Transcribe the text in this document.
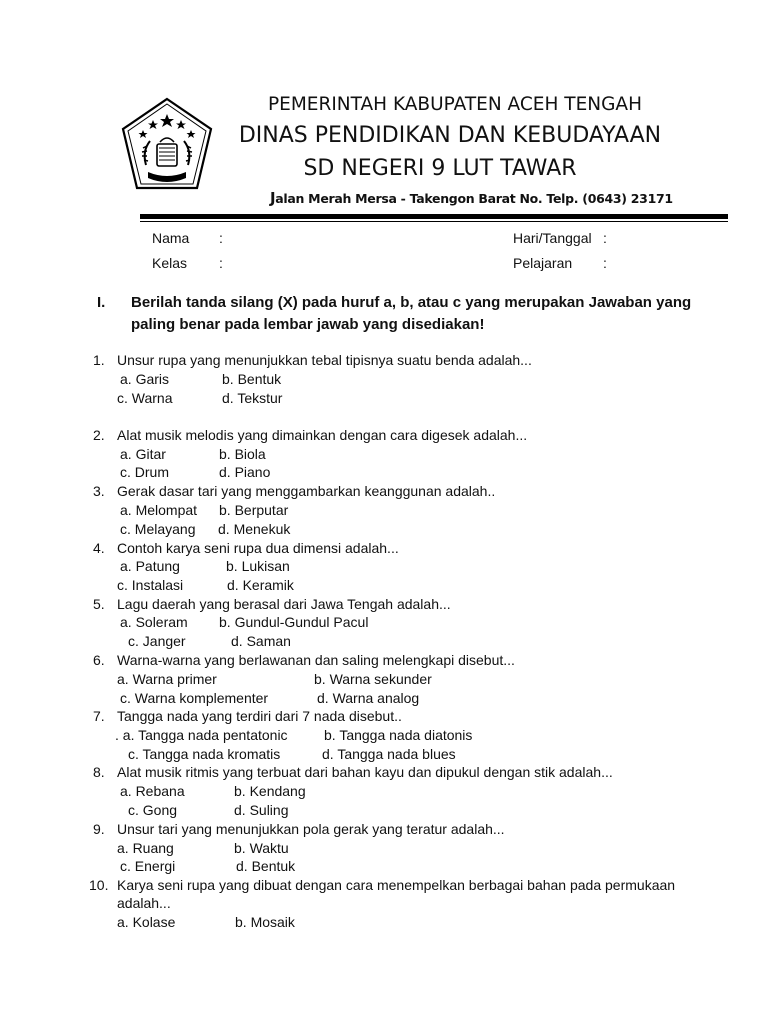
PEMERINTAH KABUPATEN ACEH TENGAH
DINAS PENDIDIKAN DAN KEBUDAYAAN
SD NEGERI 9 LUT TAWAR
Jalan Merah Mersa - Takengon Barat No. Telp. (0643) 23171
Nama :
Kelas :
Hari/Tanggal :
Pelajaran :
I. Berilah tanda silang (X) pada huruf a, b, atau c yang merupakan Jawaban yang paling benar pada lembar jawab yang disediakan!
1. Unsur rupa yang menunjukkan tebal tipisnya suatu benda adalah...
a. Garis	b. Bentuk
c. Warna	d. Tekstur
2. Alat musik melodis yang dimainkan dengan cara digesek adalah...
a. Gitar	b. Biola
c. Drum	d. Piano
3. Gerak dasar tari yang menggambarkan keanggunan adalah..
a. Melompat b. Berputar
c. Melayang d. Menekuk
4. Contoh karya seni rupa dua dimensi adalah...
a. Patung	b. Lukisan
c. Instalasi	d. Keramik
5. Lagu daerah yang berasal dari Jawa Tengah adalah...
a. Soleram b. Gundul-Gundul Pacul
c. Janger	d. Saman
6. Warna-warna yang berlawanan dan saling melengkapi disebut...
a. Warna primer	b. Warna sekunder
c. Warna komplementer	d. Warna analog
7. Tangga nada yang terdiri dari 7 nada disebut..
. a. Tangga nada pentatonic	b. Tangga nada diatonis
c. Tangga nada kromatis	d. Tangga nada blues
8. Alat musik ritmis yang terbuat dari bahan kayu dan dipukul dengan stik adalah...
a. Rebana	b. Kendang
c. Gong	d. Suling
9. Unsur tari yang menunjukkan pola gerak yang teratur adalah...
a. Ruang	b. Waktu
c. Energi	d. Bentuk
10. Karya seni rupa yang dibuat dengan cara menempelkan berbagai bahan pada permukaan
adalah...
a. Kolase	b. Mosaik
